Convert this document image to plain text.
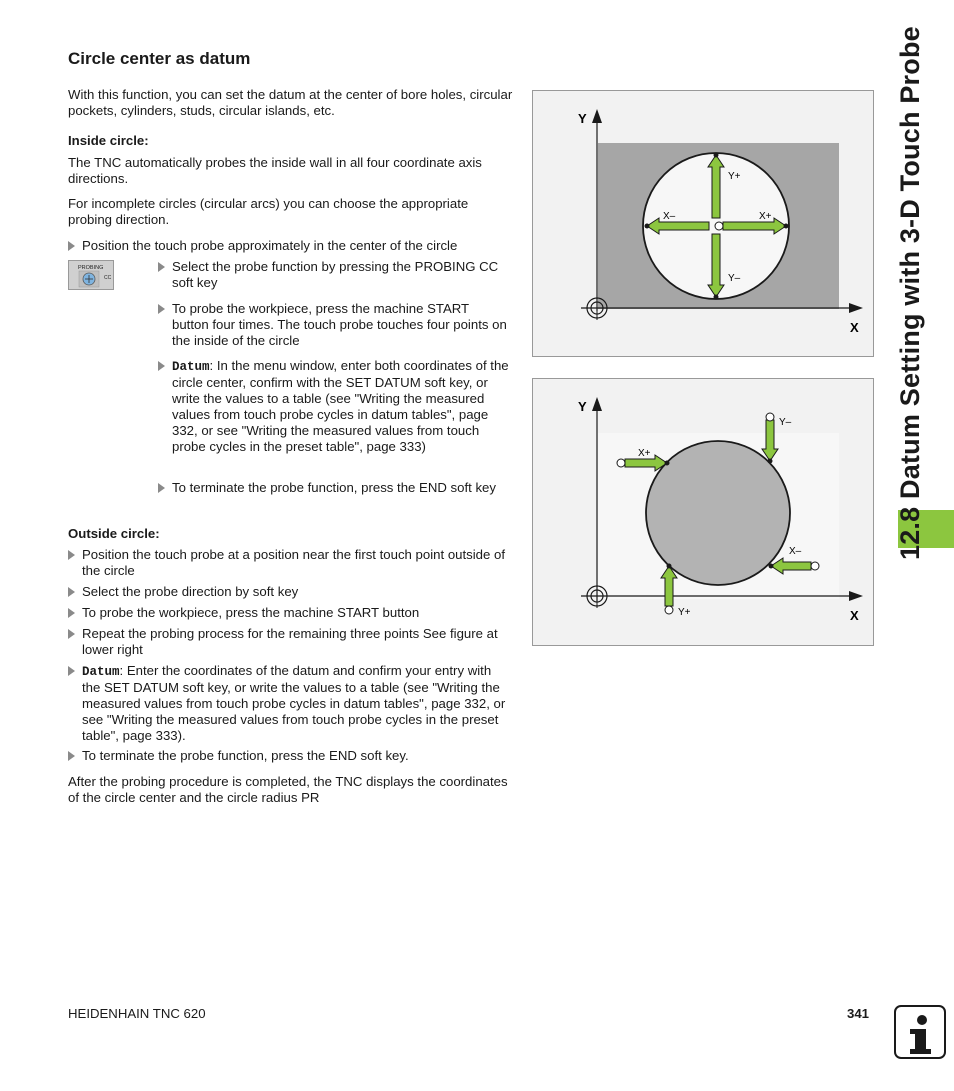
Circle center as datum
With this function, you can set the datum at the center of bore holes, circular pockets, cylinders, studs, circular islands, etc.
Inside circle:
The TNC automatically probes the inside wall in all four coordinate axis directions.
For incomplete circles (circular arcs) you can choose the appropriate probing direction.
Position the touch probe approximately in the center of the circle
PROBING
CC
Select the probe function by pressing the PROBING CC soft key
To probe the workpiece, press the machine START button four times. The touch probe touches four points on the inside of the circle
Datum: In the menu window, enter both coordinates of the circle center, confirm with the SET DATUM soft key, or write the values to a table (see "Writing the measured values from touch probe cycles in datum tables", page 332, or see "Writing the measured values from touch probe cycles in the preset table", page 333)
To terminate the probe function, press the END soft key
Outside circle:
Position the touch probe at a position near the first touch point outside of the circle
Select the probe direction by soft key
To probe the workpiece, press the machine START button
Repeat the probing process for the remaining three points See figure at lower right
Datum: Enter the coordinates of the datum and confirm your entry with the SET DATUM soft key, or write the values to a table (see "Writing the measured values from touch probe cycles in datum tables", page 332, or see "Writing the measured values from touch probe cycles in the preset table", page 333).
To terminate the probe function, press the END soft key.
After the probing procedure is completed, the TNC displays the coordinates of the circle center and the circle radius PR
Y
X
Y+
Y–
X–	X+
Y
X
X+
Y–
X–
Y+
12.8 Datum Setting with 3-D Touch Probe
HEIDENHAIN TNC 620	341
